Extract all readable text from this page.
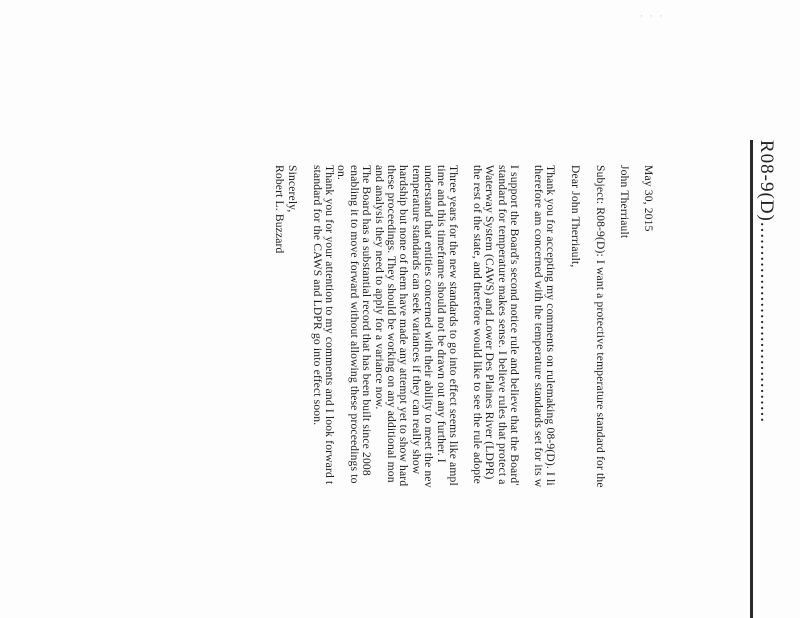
· · ·
R08-9(D)...................................
May 30, 2015
John Therriault
Subject: R08-9(D): I want a protective temperature standard for the
Dear John Therriault,

Thank you for accepting my comments on rulemaking 08-9(D). I li

therefore am concerned with the temperature standards set for its w

I support the Board's second notice rule and believe that the Board'

standard for temperature makes sense. I believe rules that protect a

Waterway System (CAWS) and Lower Des Plaines River (LDPR)

the rest of the state, and therefore would like to see the rule adopte

Three years for the new standards to go into effect seems like ampl

time and this timeframe should not be drawn out any further. I

understand that entities concerned with their ability to meet the nev

temperature standards can seek variances if they can really show

hardship but none of them have made any attempt yet to show hard

these proceedings. They should be working on any additional mon

and analysis they need to apply for a variance now.

The Board has a substantial record that has been built since 2008

enabling it to move forward without allowing these proceedings to

on.

Thank you for your attention to my comments and I look forward t

standard for the CAWS and LDPR go into effect soon.

Sincerely,
Robert L. Buzzard
